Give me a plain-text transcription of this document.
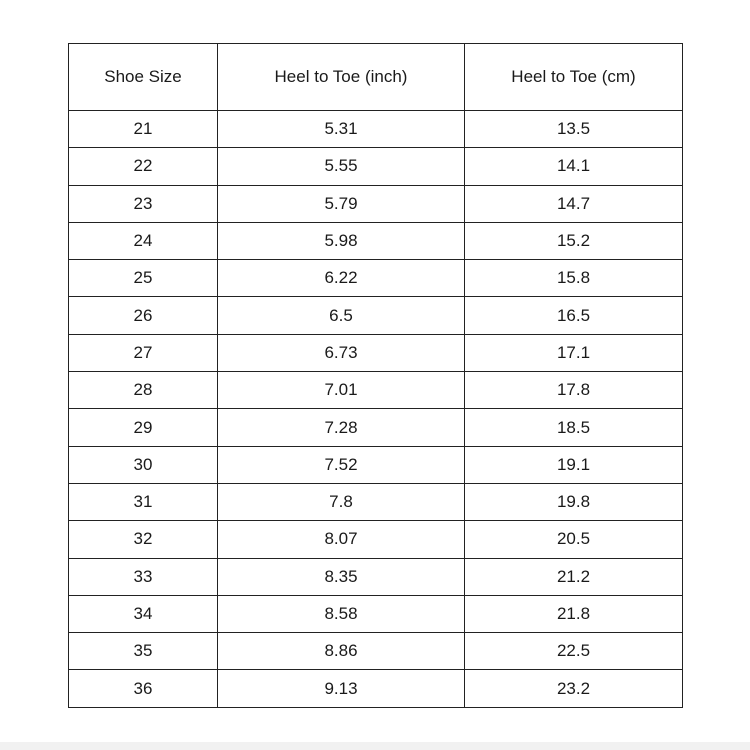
Shoe Size	Heel to Toe (inch)	Heel to Toe (cm)
21	5.31	13.5
22	5.55	14.1
23	5.79	14.7
24	5.98	15.2
25	6.22	15.8
26	6.5	16.5
27	6.73	17.1
28	7.01	17.8
29	7.28	18.5
30	7.52	19.1
31	7.8	19.8
32	8.07	20.5
33	8.35	21.2
34	8.58	21.8
35	8.86	22.5
36	9.13	23.2
